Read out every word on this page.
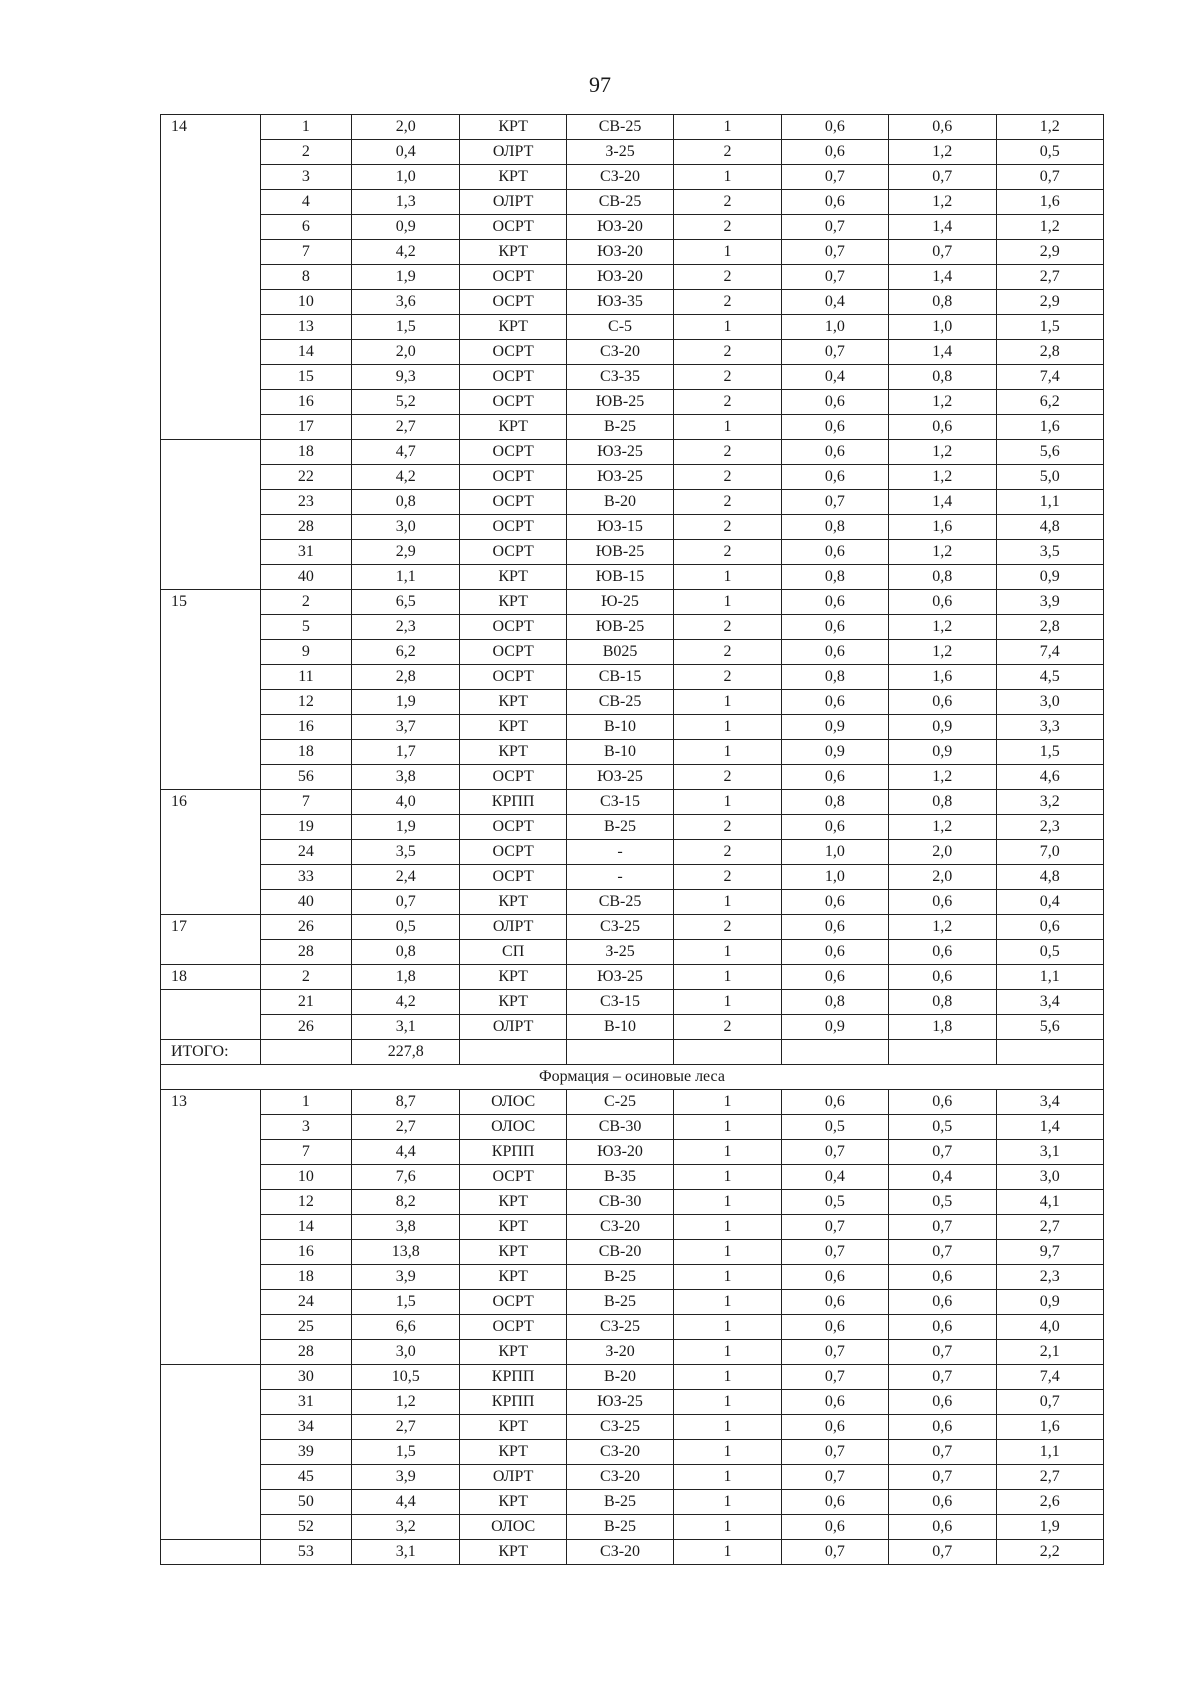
97
14	1	2,0	КРТ	СВ-25	1	0,6	0,6	1,2
	2	0,4	ОЛРТ	З-25	2	0,6	1,2	0,5
	3	1,0	КРТ	СЗ-20	1	0,7	0,7	0,7
	4	1,3	ОЛРТ	СВ-25	2	0,6	1,2	1,6
	6	0,9	ОСРТ	ЮЗ-20	2	0,7	1,4	1,2
	7	4,2	КРТ	ЮЗ-20	1	0,7	0,7	2,9
	8	1,9	ОСРТ	ЮЗ-20	2	0,7	1,4	2,7
	10	3,6	ОСРТ	ЮЗ-35	2	0,4	0,8	2,9
	13	1,5	КРТ	С-5	1	1,0	1,0	1,5
	14	2,0	ОСРТ	СЗ-20	2	0,7	1,4	2,8
	15	9,3	ОСРТ	СЗ-35	2	0,4	0,8	7,4
	16	5,2	ОСРТ	ЮВ-25	2	0,6	1,2	6,2
	17	2,7	КРТ	В-25	1	0,6	0,6	1,6
	18	4,7	ОСРТ	ЮЗ-25	2	0,6	1,2	5,6
	22	4,2	ОСРТ	ЮЗ-25	2	0,6	1,2	5,0
	23	0,8	ОСРТ	В-20	2	0,7	1,4	1,1
	28	3,0	ОСРТ	ЮЗ-15	2	0,8	1,6	4,8
	31	2,9	ОСРТ	ЮВ-25	2	0,6	1,2	3,5
	40	1,1	КРТ	ЮВ-15	1	0,8	0,8	0,9
15	2	6,5	КРТ	Ю-25	1	0,6	0,6	3,9
	5	2,3	ОСРТ	ЮВ-25	2	0,6	1,2	2,8
	9	6,2	ОСРТ	В025	2	0,6	1,2	7,4
	11	2,8	ОСРТ	СВ-15	2	0,8	1,6	4,5
	12	1,9	КРТ	СВ-25	1	0,6	0,6	3,0
	16	3,7	КРТ	В-10	1	0,9	0,9	3,3
	18	1,7	КРТ	В-10	1	0,9	0,9	1,5
	56	3,8	ОСРТ	ЮЗ-25	2	0,6	1,2	4,6
16	7	4,0	КРПП	СЗ-15	1	0,8	0,8	3,2
	19	1,9	ОСРТ	В-25	2	0,6	1,2	2,3
	24	3,5	ОСРТ	-	2	1,0	2,0	7,0
	33	2,4	ОСРТ	-	2	1,0	2,0	4,8
	40	0,7	КРТ	СВ-25	1	0,6	0,6	0,4
17	26	0,5	ОЛРТ	СЗ-25	2	0,6	1,2	0,6
	28	0,8	СП	З-25	1	0,6	0,6	0,5
18	2	1,8	КРТ	ЮЗ-25	1	0,6	0,6	1,1
	21	4,2	КРТ	СЗ-15	1	0,8	0,8	3,4
	26	3,1	ОЛРТ	В-10	2	0,9	1,8	5,6
ИТОГО:		227,8						
Формация – осиновые леса								
13	1	8,7	ОЛОС	С-25	1	0,6	0,6	3,4
	3	2,7	ОЛОС	СВ-30	1	0,5	0,5	1,4
	7	4,4	КРПП	ЮЗ-20	1	0,7	0,7	3,1
	10	7,6	ОСРТ	В-35	1	0,4	0,4	3,0
	12	8,2	КРТ	СВ-30	1	0,5	0,5	4,1
	14	3,8	КРТ	СЗ-20	1	0,7	0,7	2,7
	16	13,8	КРТ	СВ-20	1	0,7	0,7	9,7
	18	3,9	КРТ	В-25	1	0,6	0,6	2,3
	24	1,5	ОСРТ	В-25	1	0,6	0,6	0,9
	25	6,6	ОСРТ	СЗ-25	1	0,6	0,6	4,0
	28	3,0	КРТ	З-20	1	0,7	0,7	2,1
	30	10,5	КРПП	В-20	1	0,7	0,7	7,4
	31	1,2	КРПП	ЮЗ-25	1	0,6	0,6	0,7
	34	2,7	КРТ	СЗ-25	1	0,6	0,6	1,6
	39	1,5	КРТ	СЗ-20	1	0,7	0,7	1,1
	45	3,9	ОЛРТ	СЗ-20	1	0,7	0,7	2,7
	50	4,4	КРТ	В-25	1	0,6	0,6	2,6
	52	3,2	ОЛОС	В-25	1	0,6	0,6	1,9
	53	3,1	КРТ	СЗ-20	1	0,7	0,7	2,2
